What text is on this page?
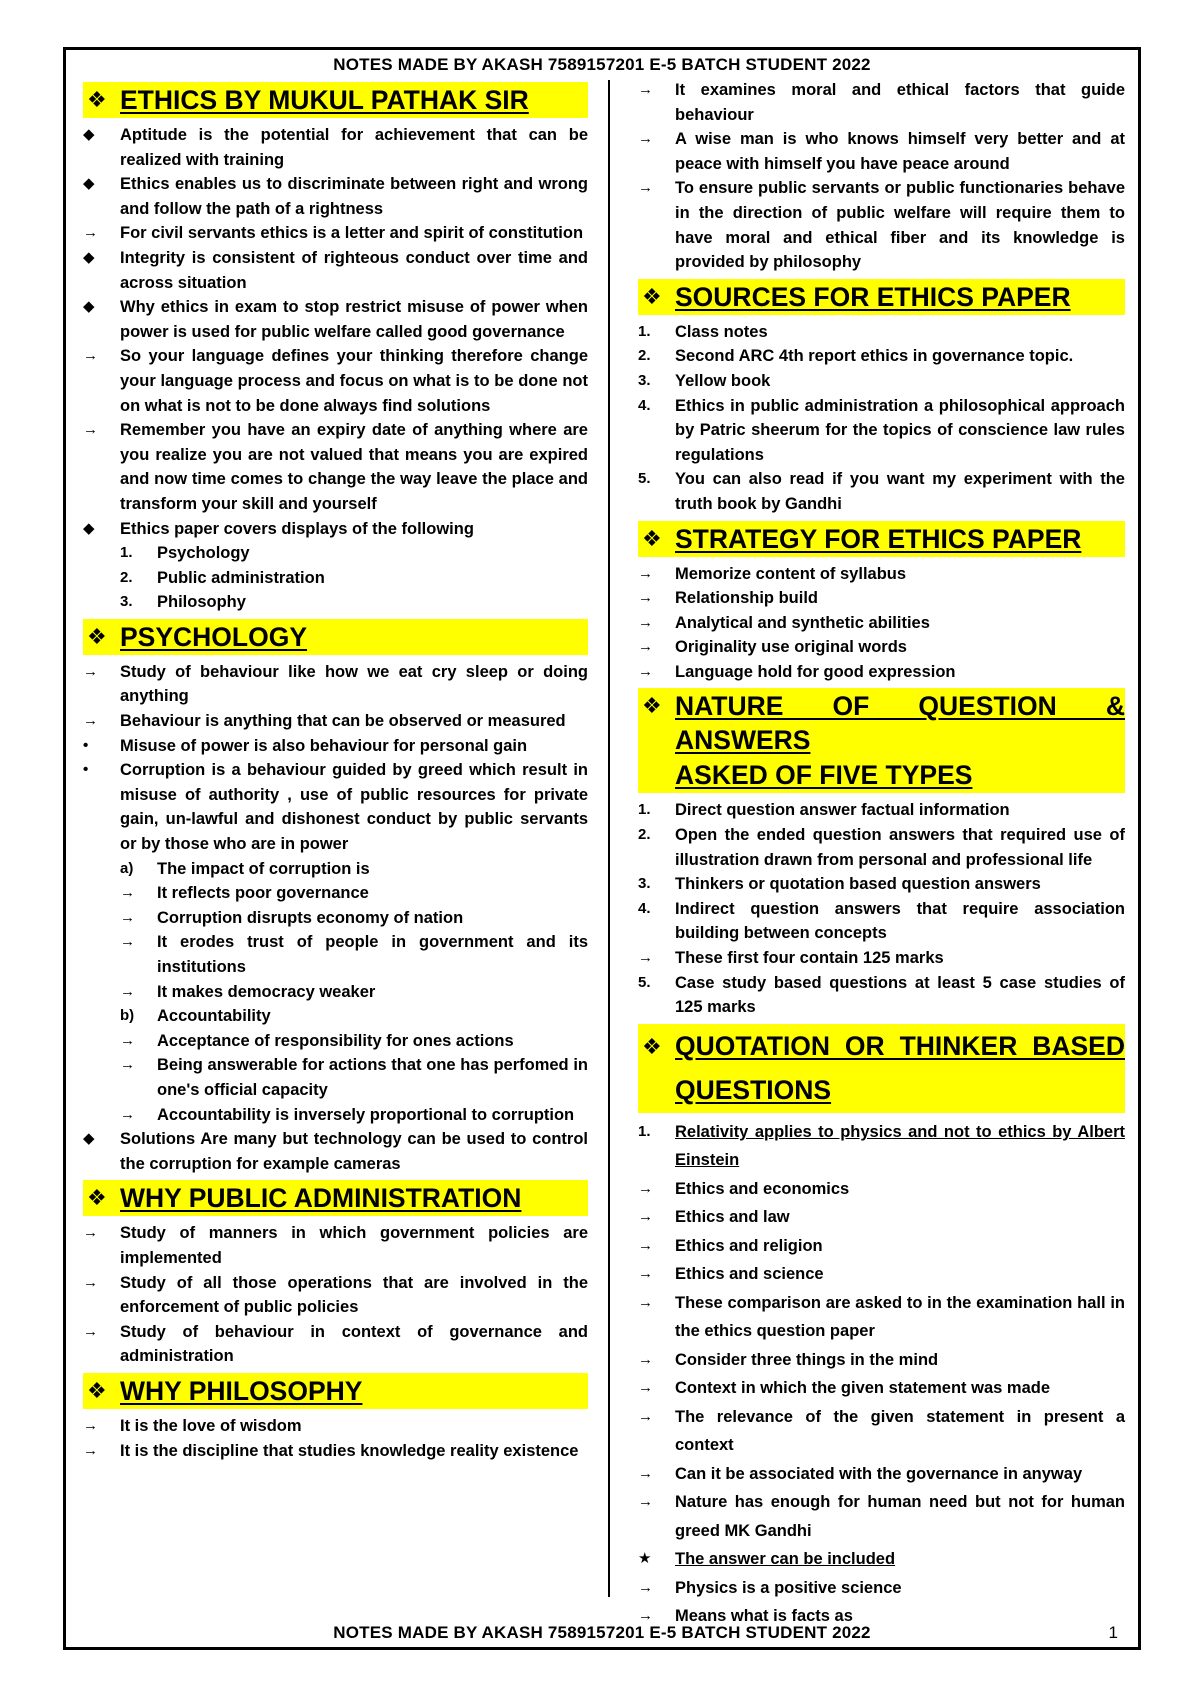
NOTES MADE BY AKASH 7589157201 E-5 BATCH STUDENT 2022
❖ ETHICS BY MUKUL PATHAK SIR
◆	Aptitude is the potential for achievement that can be realized with training
◆	Ethics enables us to discriminate between right and wrong and follow the path of a rightness
→	For civil servants ethics is a letter and spirit of constitution
◆	Integrity is consistent of righteous conduct over time and across situation
◆	Why ethics in exam to stop restrict misuse of power when power is used for public welfare called good governance
→	So your language defines your thinking therefore change your language process and focus on what is to be done not on what is not to be done always find solutions
→	Remember you have an expiry date of anything where are you realize you are not valued that means you are expired and now time comes to change the way leave the place and transform your skill and yourself
◆	Ethics paper covers displays of the following
1.	Psychology
2.	Public administration
3.	Philosophy
❖ PSYCHOLOGY
→	Study of behaviour like how we eat cry sleep or doing anything
→	Behaviour is anything that can be observed or measured
•	Misuse of power is also behaviour for personal gain
•	Corruption is a behaviour guided by greed which result in misuse of authority , use of public resources for private gain, un-lawful and dishonest conduct by public servants or by those who are in power
a)	The impact of corruption is
→	It reflects poor governance
→	Corruption disrupts economy of nation
→	It erodes trust of people in government and its institutions
→	It makes democracy weaker
b)	Accountability
→	Acceptance of responsibility for ones actions
→	Being answerable for actions that one has perfomed in one's official capacity
→	Accountability is inversely proportional to corruption
◆	Solutions Are many but technology can be used to control the corruption for example cameras
❖ WHY PUBLIC ADMINISTRATION
→	Study of manners in which government policies are implemented
→	Study of all those operations that are involved in the enforcement of public policies
→	Study of behaviour in context of governance and administration
❖ WHY PHILOSOPHY
→	It is the love of wisdom
→	It is the discipline that studies knowledge reality existence
→	It examines moral and ethical factors that guide behaviour
→	A wise man is who knows himself very better and at peace with himself you have peace around
→	To ensure public servants or public functionaries behave in the direction of public welfare will require them to have moral and ethical fiber and its knowledge is provided by philosophy
❖ SOURCES FOR ETHICS PAPER
1.	Class notes
2.	Second ARC 4th report ethics in governance topic.
3.	Yellow book
4.	Ethics in public administration a philosophical approach by Patric sheerum for the topics of conscience law rules regulations
5.	You can also read if you want my experiment with the truth book by Gandhi
❖ STRATEGY FOR ETHICS PAPER
→	Memorize content of syllabus
→	Relationship build
→	Analytical and synthetic abilities
→	Originality use original words
→	Language hold for good expression
❖ NATURE OF QUESTION & ANSWERS
ASKED OF FIVE TYPES
1.	Direct question answer factual information
2.	Open the ended question answers that required use of illustration drawn from personal and professional life
3.	Thinkers or quotation based question answers
4.	Indirect question answers that require association building between concepts
→	These first four contain 125 marks
5.	Case study based questions at least 5 case studies of 125 marks
❖ QUOTATION OR THINKER BASED
QUESTIONS
1.	Relativity applies to physics and not to ethics by Albert Einstein
→	Ethics and economics
→	Ethics and law
→	Ethics and religion
→	Ethics and science
→	These comparison are asked to in the examination hall in the ethics question paper
→	Consider three things in the mind
→	Context in which the given statement was made
→	The relevance of the given statement in present a context
→	Can it be associated with the governance in anyway
→	Nature has enough for human need but not for human greed MK Gandhi
★	The answer can be included
→	Physics is a positive science
→	Means what is facts as
NOTES MADE BY AKASH 7589157201 E-5 BATCH STUDENT 2022	1
